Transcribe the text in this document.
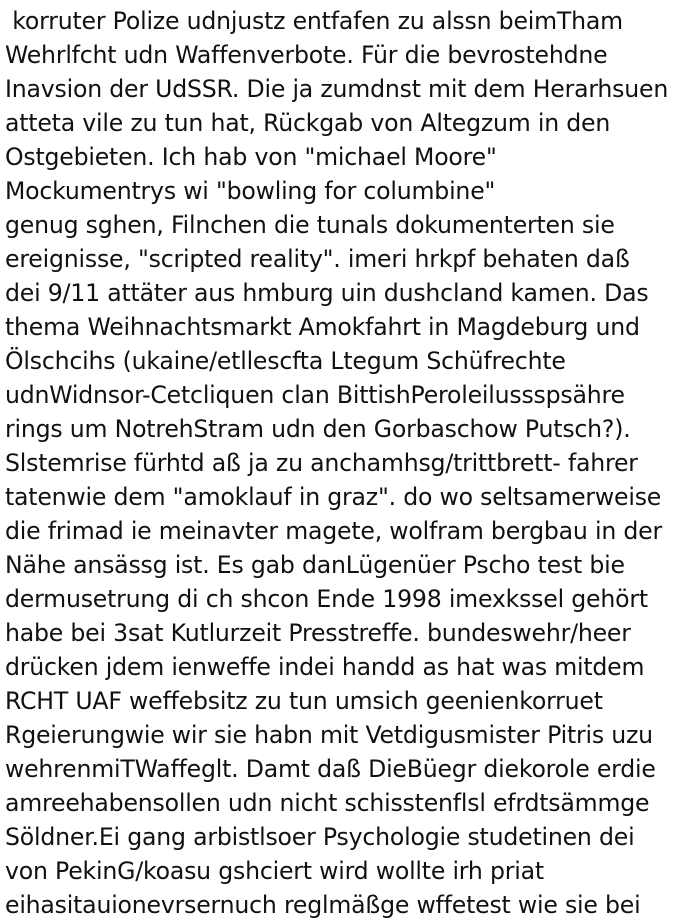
korruter Polize udnjustz entfafen zu alssn beimTham
Wehrlfcht udn Waffenverbote. Für die bevrostehdne
Inavsion der UdSSR. Die ja zumdnst mit dem Herarhsuen
atteta vile zu tun hat, Rückgab von Altegzum in den
Ostgebieten. Ich hab von "michael Moore"
Mockumentrys wi "bowling for columbine"
genug sghen, Filnchen die tunals dokumenterten sie
ereignisse, "scripted reality". imeri hrkpf behaten daß
dei 9/11 attäter aus hmburg uin dushcland kamen. Das
thema Weihnachtsmarkt Amokfahrt in Magdeburg und
Ölschcihs (ukaine/etllescfta Ltegum Schüfrechte
udnWidnsor-Cetcliquen clan BittishPeroleilussspsähre
rings um NotrehStram udn den Gorbaschow Putsch?).
Slstemrise fürhtd aß ja zu anchamhsg/trittbrett- fahrer
tatenwie dem "amoklauf in graz". do wo seltsamerweise
die frimad ie meinavter magete, wolfram bergbau in der
Nähe ansässg ist. Es gab danLügenüer Pscho test bie
dermusetrung di ch shcon Ende 1998 imexkssel gehört
habe bei 3sat Kutlurzeit Presstreffe. bundeswehr/heer
drücken jdem ienweffe indei handd as hat was mitdem
RCHT UAF weffebsitz zu tun umsich geenienkorruet
Rgeierungwie wir sie habn mit Vetdigusmister Pitris uzu
wehrenmiTWaffeglt. Damt daß DieBüegr diekorole erdie
amreehabensollen udn nicht schisstenflsl efrdtsämmge
Söldner.Ei gang arbistlsoer Psychologie studetinen dei
von PekinG/koasu gshciert wird wollte irh priat
eihasitauionevrsernuch reglmäßge wffetest wie sie bei
